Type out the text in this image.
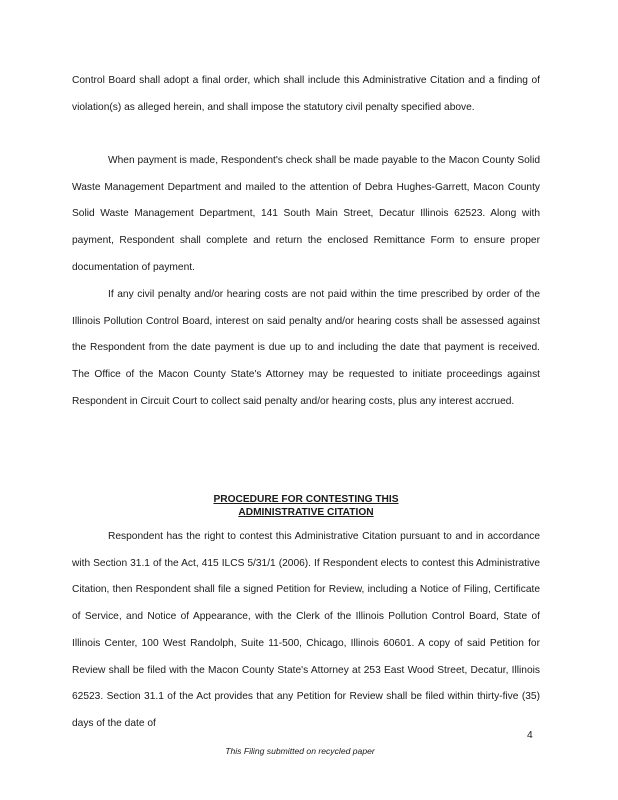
Control Board shall adopt a final order, which shall include this Administrative Citation and a finding of violation(s) as alleged herein, and shall impose the statutory civil penalty specified above.

When payment is made, Respondent's check shall be made payable to the Macon County Solid Waste Management Department and mailed to the attention of Debra Hughes-Garrett, Macon County Solid Waste Management Department, 141 South Main Street, Decatur Illinois 62523. Along with payment, Respondent shall complete and return the enclosed Remittance Form to ensure proper documentation of payment.

If any civil penalty and/or hearing costs are not paid within the time prescribed by order of the Illinois Pollution Control Board, interest on said penalty and/or hearing costs shall be assessed against the Respondent from the date payment is due up to and including the date that payment is received. The Office of the Macon County State's Attorney may be requested to initiate proceedings against Respondent in Circuit Court to collect said penalty and/or hearing costs, plus any interest accrued.

PROCEDURE FOR CONTESTING THIS
ADMINISTRATIVE CITATION

Respondent has the right to contest this Administrative Citation pursuant to and in accordance with Section 31.1 of the Act, 415 ILCS 5/31/1 (2006). If Respondent elects to contest this Administrative Citation, then Respondent shall file a signed Petition for Review, including a Notice of Filing, Certificate of Service, and Notice of Appearance, with the Clerk of the Illinois Pollution Control Board, State of Illinois Center, 100 West Randolph, Suite 11-500, Chicago, Illinois 60601. A copy of said Petition for Review shall be filed with the Macon County State's Attorney at 253 East Wood Street, Decatur, Illinois 62523. Section 31.1 of the Act provides that any Petition for Review shall be filed within thirty-five (35) days of the date of

4

This Filing submitted on recycled paper
